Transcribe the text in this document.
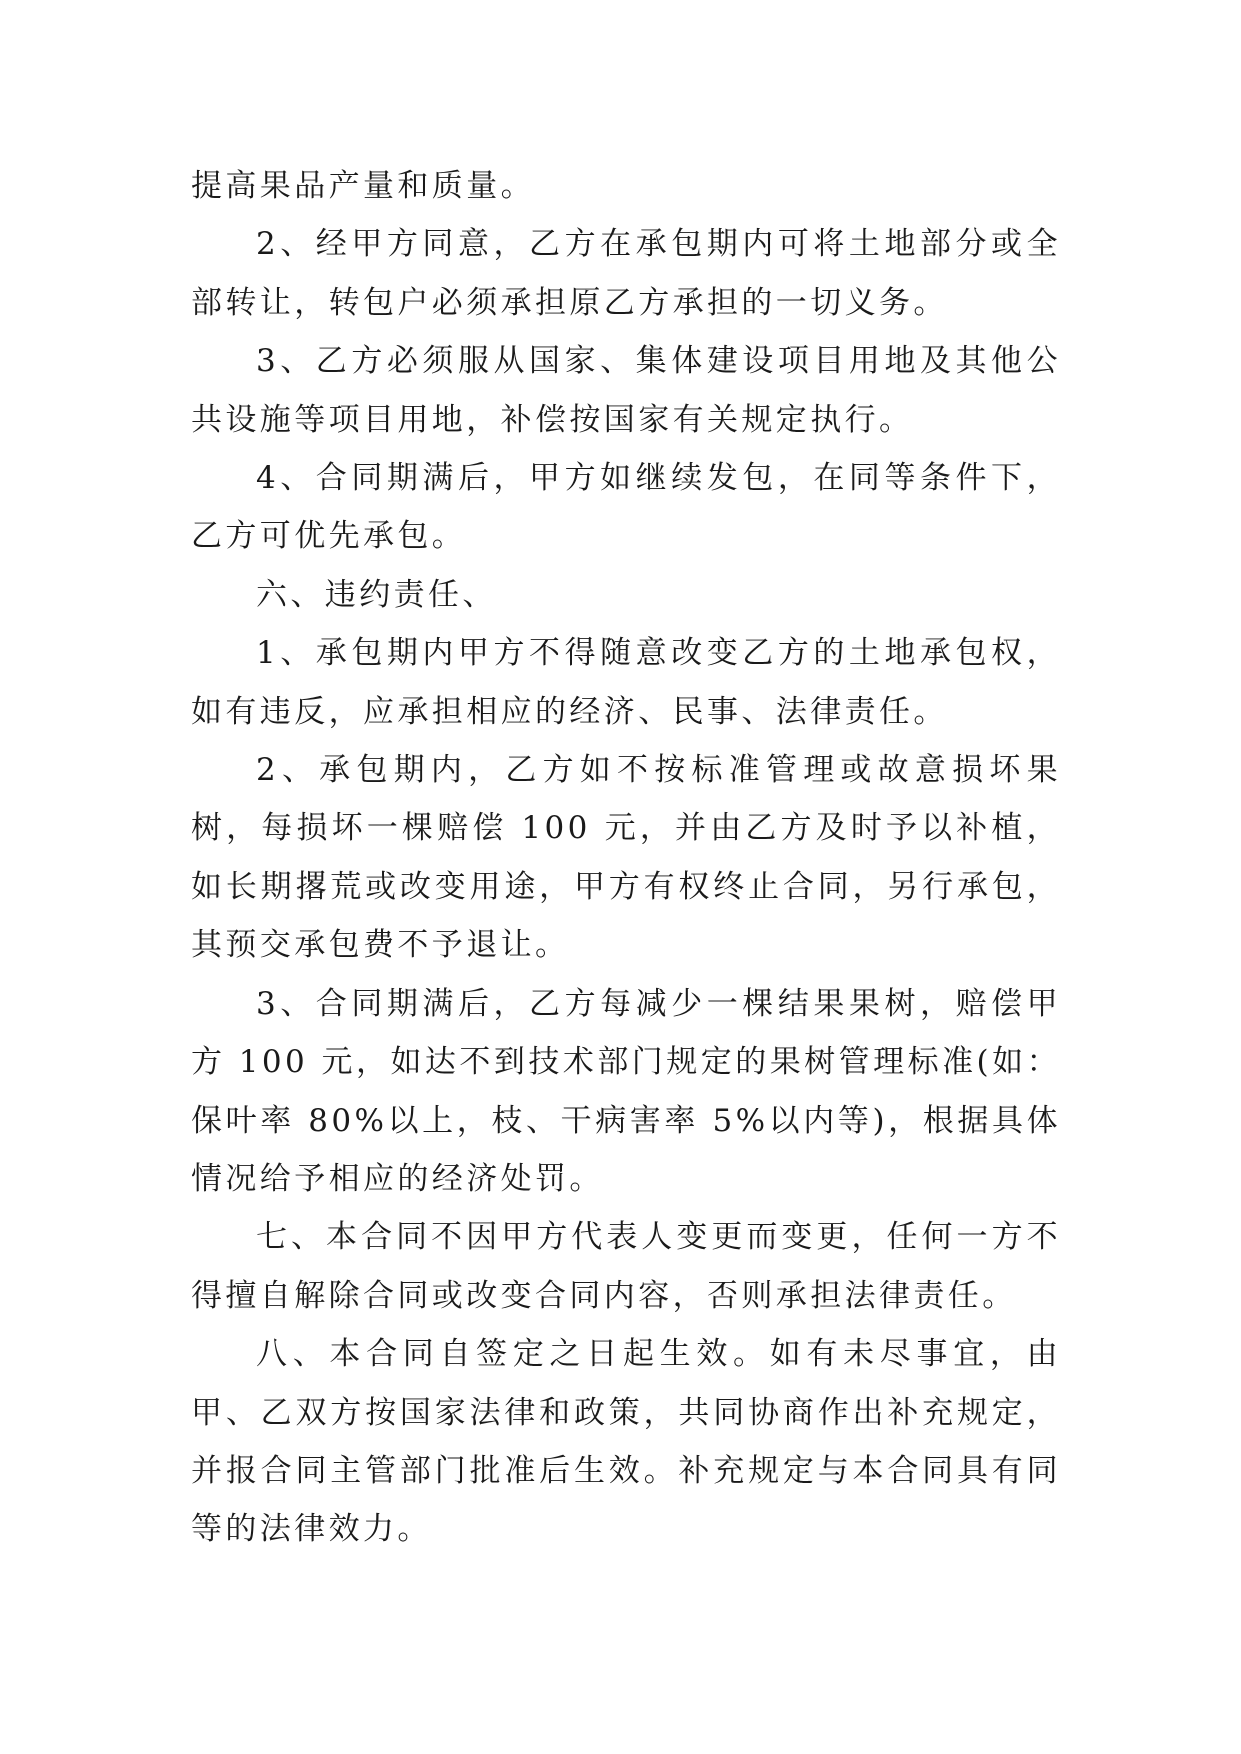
提高果品产量和质量。

2、经甲方同意，乙方在承包期内可将土地部分或全部转让，转包户必须承担原乙方承担的一切义务。

3、乙方必须服从国家、集体建设项目用地及其他公共设施等项目用地，补偿按国家有关规定执行。

4、合同期满后，甲方如继续发包，在同等条件下，乙方可优先承包。

六、违约责任、

1、承包期内甲方不得随意改变乙方的土地承包权，如有违反，应承担相应的经济、民事、法律责任。

2、承包期内，乙方如不按标准管理或故意损坏果树，每损坏一棵赔偿 100 元，并由乙方及时予以补植，如长期撂荒或改变用途，甲方有权终止合同，另行承包，其预交承包费不予退让。

3、合同期满后，乙方每减少一棵结果果树，赔偿甲方 100 元，如达不到技术部门规定的果树管理标准(如：保叶率 80%以上，枝、干病害率 5%以内等)，根据具体情况给予相应的经济处罚。

七、本合同不因甲方代表人变更而变更，任何一方不得擅自解除合同或改变合同内容，否则承担法律责任。

八、本合同自签定之日起生效。如有未尽事宜，由甲、乙双方按国家法律和政策，共同协商作出补充规定，并报合同主管部门批准后生效。补充规定与本合同具有同等的法律效力。
